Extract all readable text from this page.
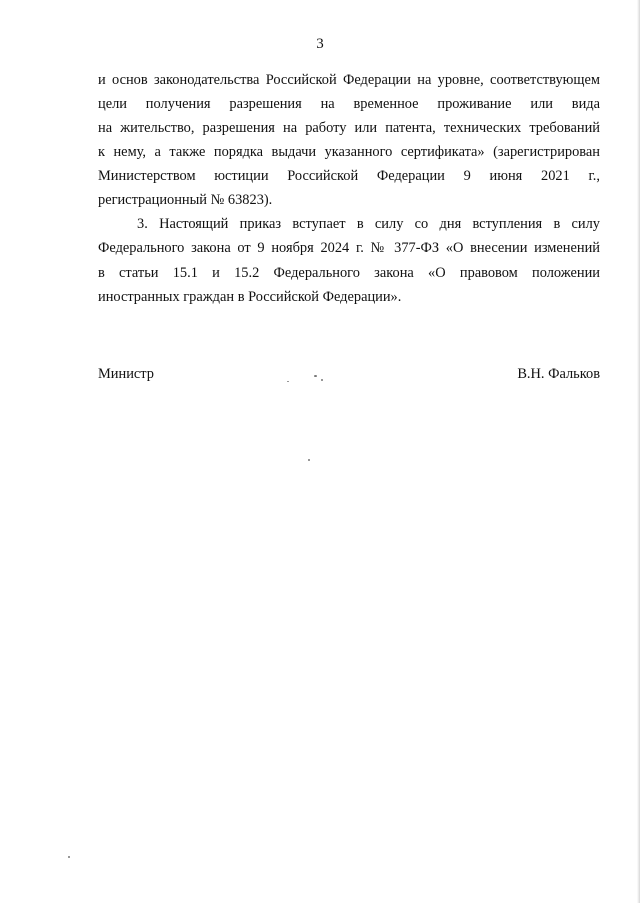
3
и основ законодательства Российской Федерации на уровне, соответствующем
цели получения разрешения на временное проживание или вида
на жительство, разрешения на работу или патента, технических требований
к нему, а также порядка выдачи указанного сертификата» (зарегистрирован
Министерством юстиции Российской Федерации 9 июня 2021 г.,
регистрационный № 63823).
3. Настоящий приказ вступает в силу со дня вступления в силу
Федерального закона от 9 ноября 2024 г. № 377-ФЗ «О внесении изменений
в статьи 15.1 и 15.2 Федерального закона «О правовом положении
иностранных граждан в Российской Федерации».
Министр	В.Н. Фальков
